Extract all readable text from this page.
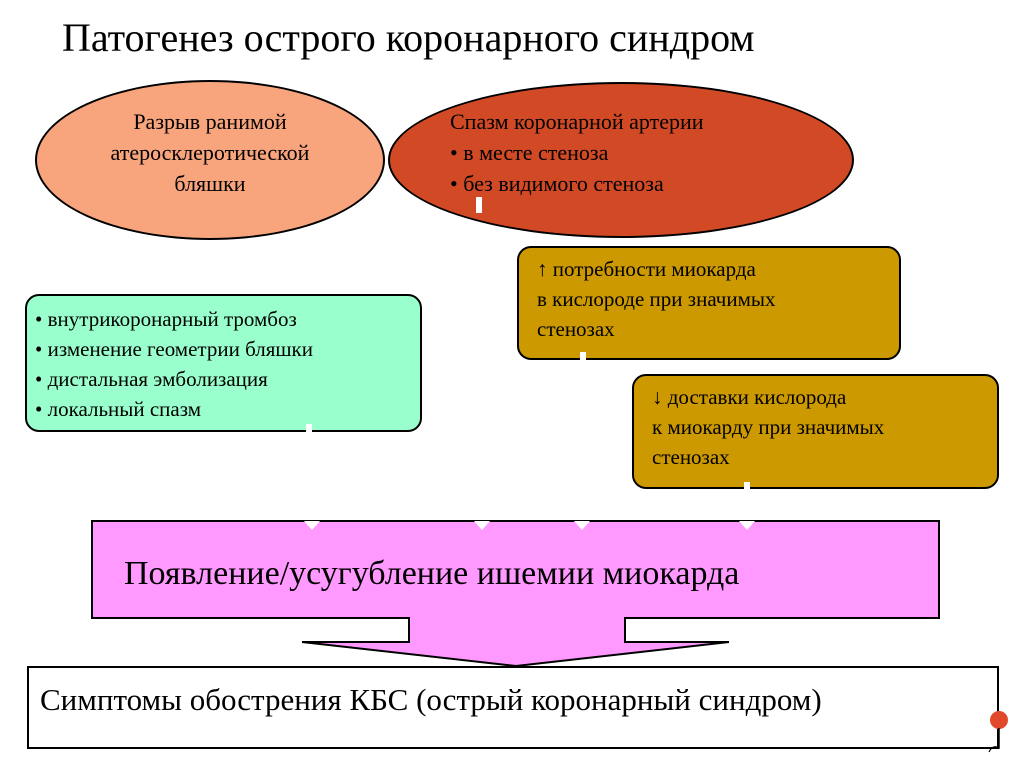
Патогенез острого коронарного синдром
Разрыв ранимой
атеросклеротической
бляшки
Спазм коронарной артерии
• в месте стеноза
• без видимого стеноза
↑ потребности миокарда
в кислороде при значимых
стенозах
• внутрикоронарный тромбоз
• изменение геометрии бляшки
• дистальная эмболизация
• локальный спазм	↓ доставки кислорода
к миокарду при значимых
стенозах
Появление/усугубление ишемии миокарда
Симптомы обострения КБС (острый коронарный синдром)
